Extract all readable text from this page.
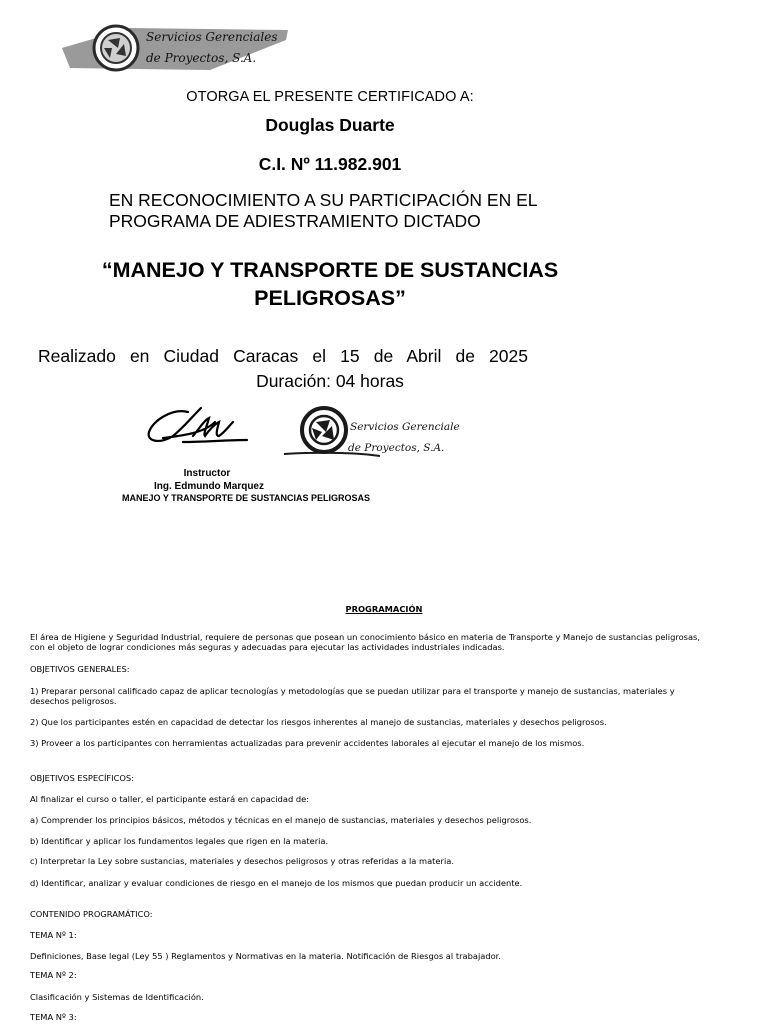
Servicios Gerenciales
de Proyectos, S.A.
OTORGA EL PRESENTE CERTIFICADO A:
Douglas Duarte
C.I. Nº 11.982.901
EN RECONOCIMIENTO A SU PARTICIPACIÓN EN EL
PROGRAMA DE ADIESTRAMIENTO DICTADO
“MANEJO Y TRANSPORTE DE SUSTANCIAS
PELIGROSAS”
Realizado en Ciudad Caracas el 15 de Abril de 2025
Duración: 04 horas
Servicios Gerenciales
de Proyectos, S.A.
Instructor
Ing. Edmundo Marquez
MANEJO Y TRANSPORTE DE SUSTANCIAS PELIGROSAS
PROGRAMACIÓN
El área de Higiene y Seguridad Industrial, requiere de personas que posean un conocimiento básico en materia de Transporte y Manejo de sustancias peligrosas,
con el objeto de lograr condiciones más seguras y adecuadas para ejecutar las actividades industriales indicadas.
OBJETIVOS GENERALES:
1) Preparar personal calificado capaz de aplicar tecnologías y metodologías que se puedan utilizar para el transporte y manejo de sustancias, materiales y
desechos peligrosos.
2) Que los participantes estén en capacidad de detectar los riesgos inherentes al manejo de sustancias, materiales y desechos peligrosos.
3) Proveer a los participantes con herramientas actualizadas para prevenir accidentes laborales al ejecutar el manejo de los mismos.
OBJETIVOS ESPECÍFICOS:
Al finalizar el curso o taller, el participante estará en capacidad de:
a) Comprender los principios básicos, métodos y técnicas en el manejo de sustancias, materiales y desechos peligrosos.
b) Identificar y aplicar los fundamentos legales que rigen en la materia.
c) Interpretar la Ley sobre sustancias, materiales y desechos peligrosos y otras referidas a la materia.
d) Identificar, analizar y evaluar condiciones de riesgo en el manejo de los mismos que puedan producir un accidente.
CONTENIDO PROGRAMÁTICO:
TEMA Nº 1:
Definiciones, Base legal (Ley 55 ) Reglamentos y Normativas en la materia. Notificación de Riesgos al trabajador.
TEMA Nº 2:
Clasificación y Sistemas de Identificación.
TEMA Nº 3:
